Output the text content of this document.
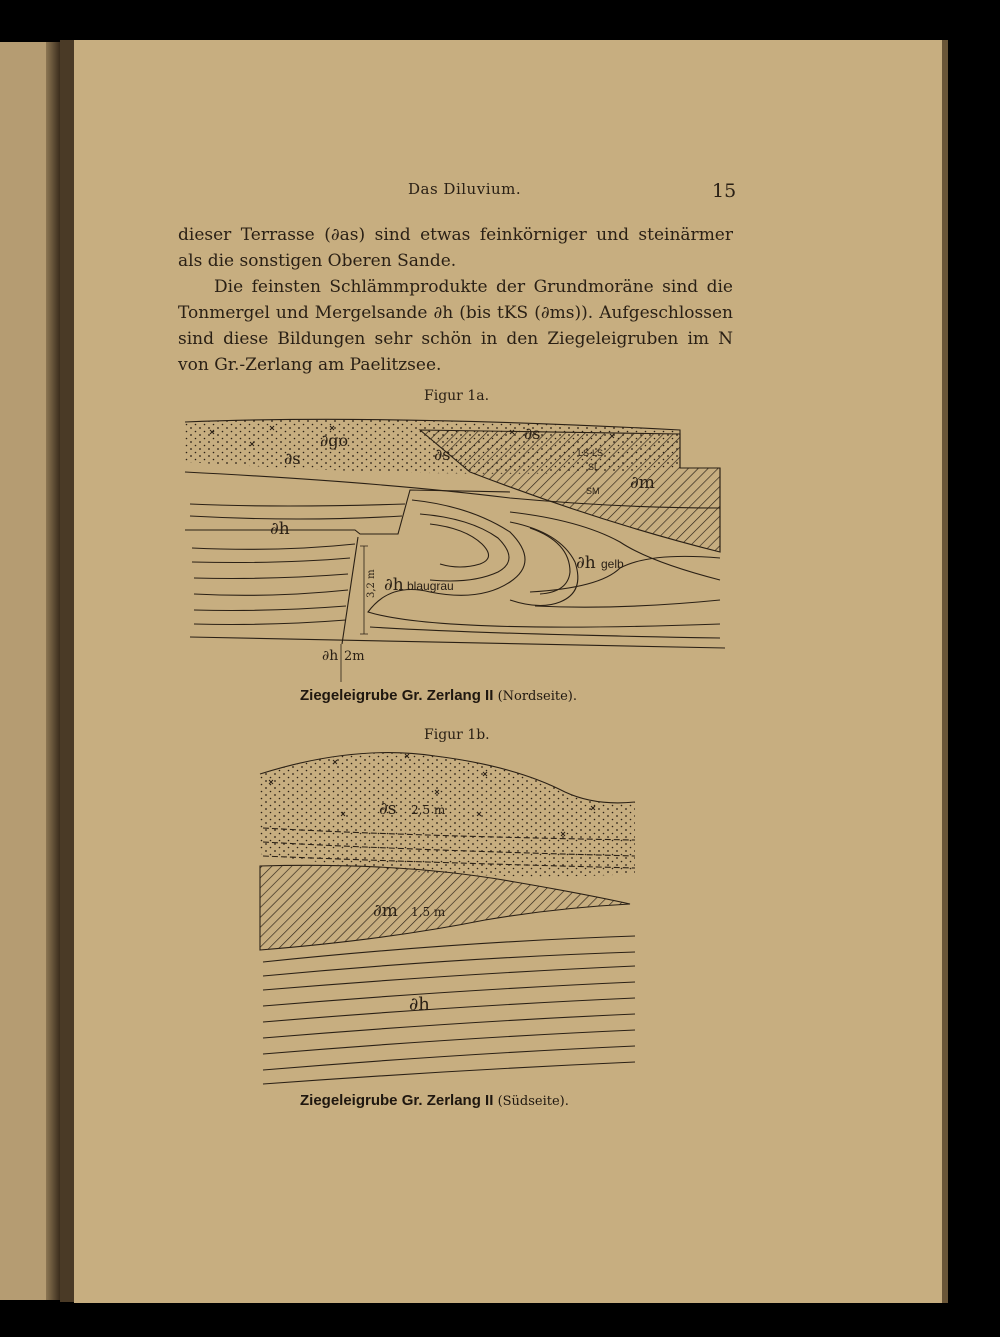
Das Diluvium.	15

dieser Terrasse (∂as) sind etwas feinkörniger und steinärmer als die sonstigen Oberen Sande.

Die feinsten Schlämmprodukte der Grundmoräne sind die Tonmergel und Mergelsande ∂h (bis tKS (∂ms)). Aufgeschlossen sind diese Bildungen sehr schön in den Ziegeleigruben im N von Gr.-Zerlang am Paelitzsee.

Figur 1a.
∂s
∂go
∂s	∂s	LS-LS
SL
SM ∂m
∂h
∂h gelb
∂h blaugrau
3,2 m
∂h 2m
Ziegeleigrube Gr. Zerlang II (Nordseite).
Figur 1b.
∂s 2,5 m
∂m 1,5 m
∂h
Ziegeleigrube Gr. Zerlang II (Südseite).
